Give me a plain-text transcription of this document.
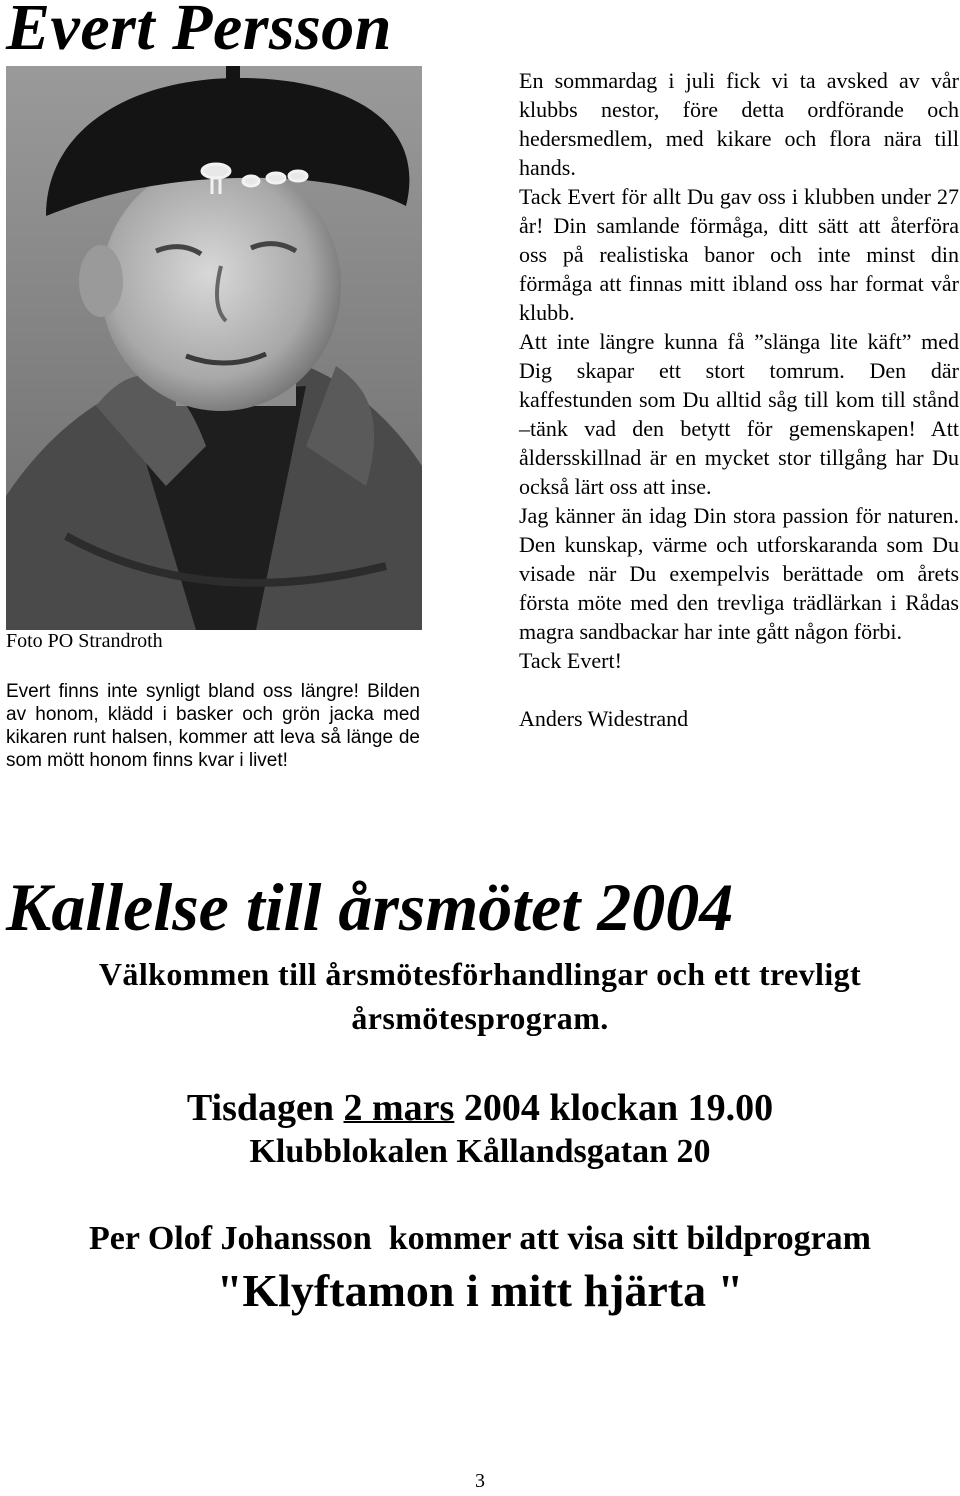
Evert Persson
Foto PO Strandroth

Evert finns inte synligt bland oss längre! Bilden av honom, klädd i basker och grön jacka med kikaren runt halsen, kommer att leva så länge de som mött honom finns kvar i livet!

En sommardag i juli fick vi ta avsked av vår klubbs nestor, före detta ordförande och hedersmedlem, med kikare och flora nära till hands.

Tack Evert för allt Du gav oss i klubben under 27 år! Din samlande förmåga, ditt sätt att återföra oss på realistiska banor och inte minst din förmåga att finnas mitt ibland oss har format vår klubb.

Att inte längre kunna få ”slänga lite käft” med Dig skapar ett stort tomrum. Den där kaffestunden som Du alltid såg till kom till stånd –tänk vad den betytt för gemenskapen! Att åldersskillnad är en mycket stor tillgång har Du också lärt oss att inse.

Jag känner än idag Din stora passion för naturen. Den kunskap, värme och utforskaranda som Du visade när Du exempelvis berättade om årets första möte med den trevliga trädlärkan i Rådas magra sandbackar har inte gått någon förbi.

Tack Evert!

Anders Widestrand

Kallelse till årsmötet 2004

Välkommen till årsmötesförhandlingar och ett trevligt årsmötesprogram.

Tisdagen 2 mars 2004 klockan 19.00
Klubblokalen Kållandsgatan 20
Per Olof Johansson  kommer att visa sitt bildprogram
"Klyftamon i mitt hjärta "
3
